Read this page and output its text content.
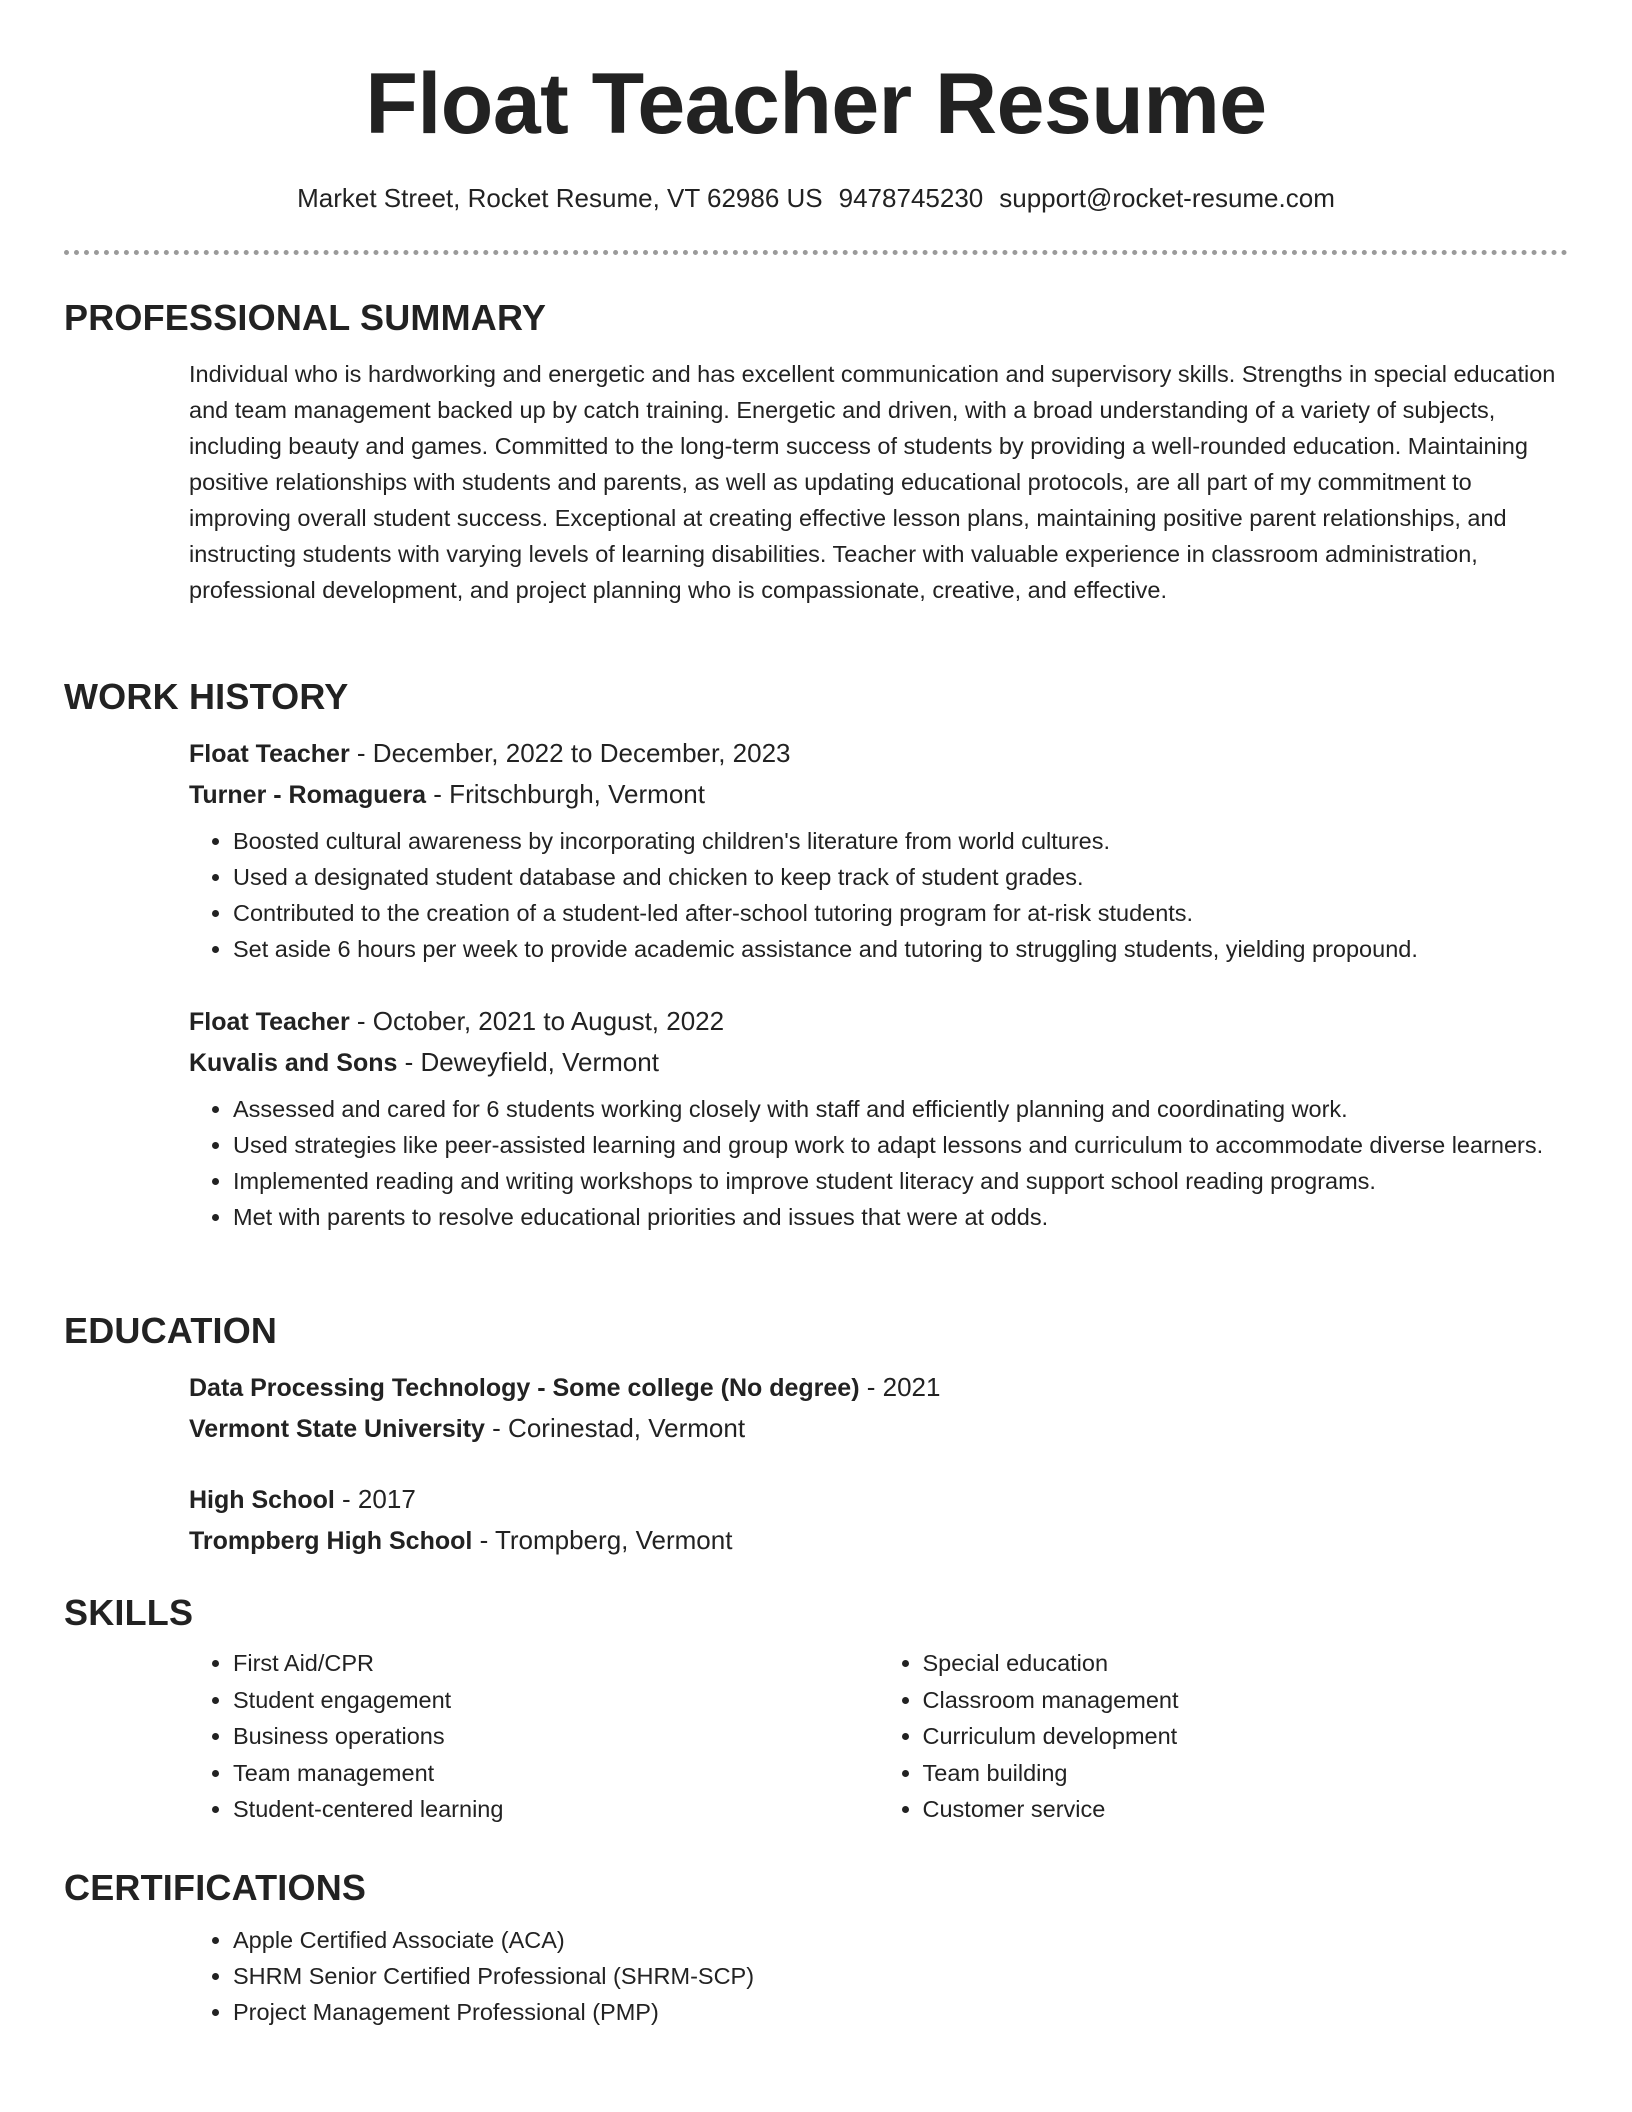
Float Teacher Resume
Market Street, Rocket Resume, VT 62986 US 9478745230 support@rocket-resume.com
PROFESSIONAL SUMMARY
Individual who is hardworking and energetic and has excellent communication and supervisory skills. Strengths in special education and team management backed up by catch training. Energetic and driven, with a broad understanding of a variety of subjects, including beauty and games. Committed to the long-term success of students by providing a well-rounded education. Maintaining positive relationships with students and parents, as well as updating educational protocols, are all part of my commitment to improving overall student success. Exceptional at creating effective lesson plans, maintaining positive parent relationships, and instructing students with varying levels of learning disabilities. Teacher with valuable experience in classroom administration, professional development, and project planning who is compassionate, creative, and effective.
WORK HISTORY
Float Teacher - December, 2022 to December, 2023
Turner - Romaguera - Fritschburgh, Vermont
• Boosted cultural awareness by incorporating children's literature from world cultures.
• Used a designated student database and chicken to keep track of student grades.
• Contributed to the creation of a student-led after-school tutoring program for at-risk students.
• Set aside 6 hours per week to provide academic assistance and tutoring to struggling students, yielding propound.
Float Teacher - October, 2021 to August, 2022
Kuvalis and Sons - Deweyfield, Vermont
• Assessed and cared for 6 students working closely with staff and efficiently planning and coordinating work.
• Used strategies like peer-assisted learning and group work to adapt lessons and curriculum to accommodate diverse learners.
• Implemented reading and writing workshops to improve student literacy and support school reading programs.
• Met with parents to resolve educational priorities and issues that were at odds.
EDUCATION
Data Processing Technology - Some college (No degree) - 2021
Vermont State University - Corinestad, Vermont
High School - 2017
Trompberg High School - Trompberg, Vermont
SKILLS
• First Aid/CPR
• Student engagement
• Business operations
• Team management
• Student-centered learning
• Special education
• Classroom management
• Curriculum development
• Team building
• Customer service
CERTIFICATIONS
• Apple Certified Associate (ACA)
• SHRM Senior Certified Professional (SHRM-SCP)
• Project Management Professional (PMP)
